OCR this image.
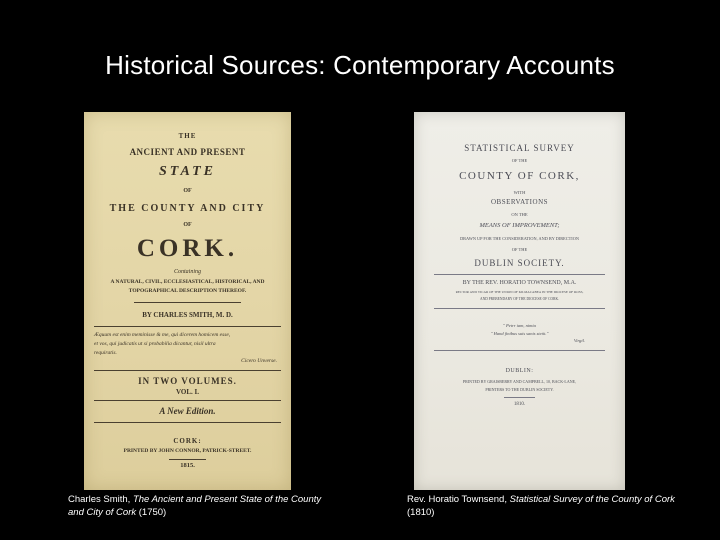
Historical Sources: Contemporary Accounts
THE
ANCIENT AND PRESENT
STATE
OF
THE COUNTY AND CITY
OF
CORK.
Containing
A NATURAL, CIVIL, ECCLESIASTICAL, HISTORICAL, AND
TOPOGRAPHICAL DESCRIPTION THEREOF.
BY CHARLES SMITH, M. D.
Æquum est enim meminisse & me, qui dicerem homicem esse,
et vos, qui judicatis ut si probabilia dicantur, nisil ultra
requiratis.
Cicero Unverse.
IN TWO VOLUMES.
VOL. I.
A New Edition.
CORK:
PRINTED BY JOHN CONNOR, PATRICK-STREET.
1815.
STATISTICAL SURVEY
OF THE
COUNTY OF CORK,
WITH
OBSERVATIONS
ON THE
MEANS OF IMPROVEMENT;
DRAWN UP FOR THE CONSIDERATION, AND BY DIRECTION
OF THE
DUBLIN SOCIETY.
BY THE REV. HORATIO TOWNSEND, M.A.
RECTOR AND VICAR OF THE UNION OF KILMACABEA IN THE DIOCESE OF ROSS,
AND PREBENDARY OF THE DIOCESE OF CORK.
" Petrr iam, nimia
" Hand finibus suis sanis stetit."
Virgil.
DUBLIN:
PRINTED BY GRAISBERRY AND CAMPBELL, 10, BACK-LANE,
PRINTERS TO THE DUBLIN SOCIETY.
1810.
Charles Smith, The Ancient and Present State of the County and City of Cork (1750)
Rev. Horatio Townsend, Statistical Survey of the County of Cork (1810)
